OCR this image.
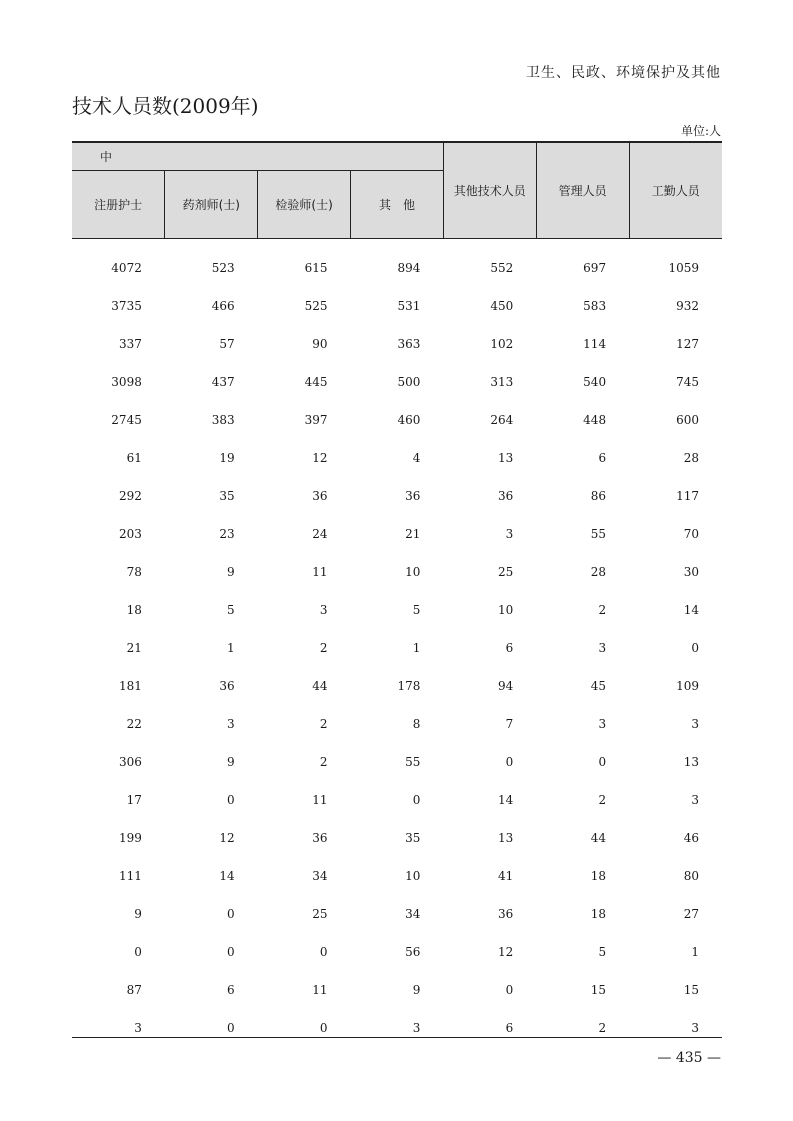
卫生、民政、环境保护及其他
技术人员数(2009年)
单位:人
中				其他技术人员	管理人员	工勤人员
注册护士	药剂师(士)	检验师(士)	其　他			
4072	523	615	894	552	697	1059
3735	466	525	531	450	583	932
337	57	90	363	102	114	127
3098	437	445	500	313	540	745
2745	383	397	460	264	448	600
61	19	12	4	13	6	28
292	35	36	36	36	86	117
203	23	24	21	3	55	70
78	9	11	10	25	28	30
18	5	3	5	10	2	14
21	1	2	1	6	3	0
181	36	44	178	94	45	109
22	3	2	8	7	3	3
306	9	2	55	0	0	13
17	0	11	0	14	2	3
199	12	36	35	13	44	46
111	14	34	10	41	18	80
9	0	25	34	36	18	27
0	0	0	56	12	5	1
87	6	11	9	0	15	15
3	0	0	3	6	2	3
— 435 —
